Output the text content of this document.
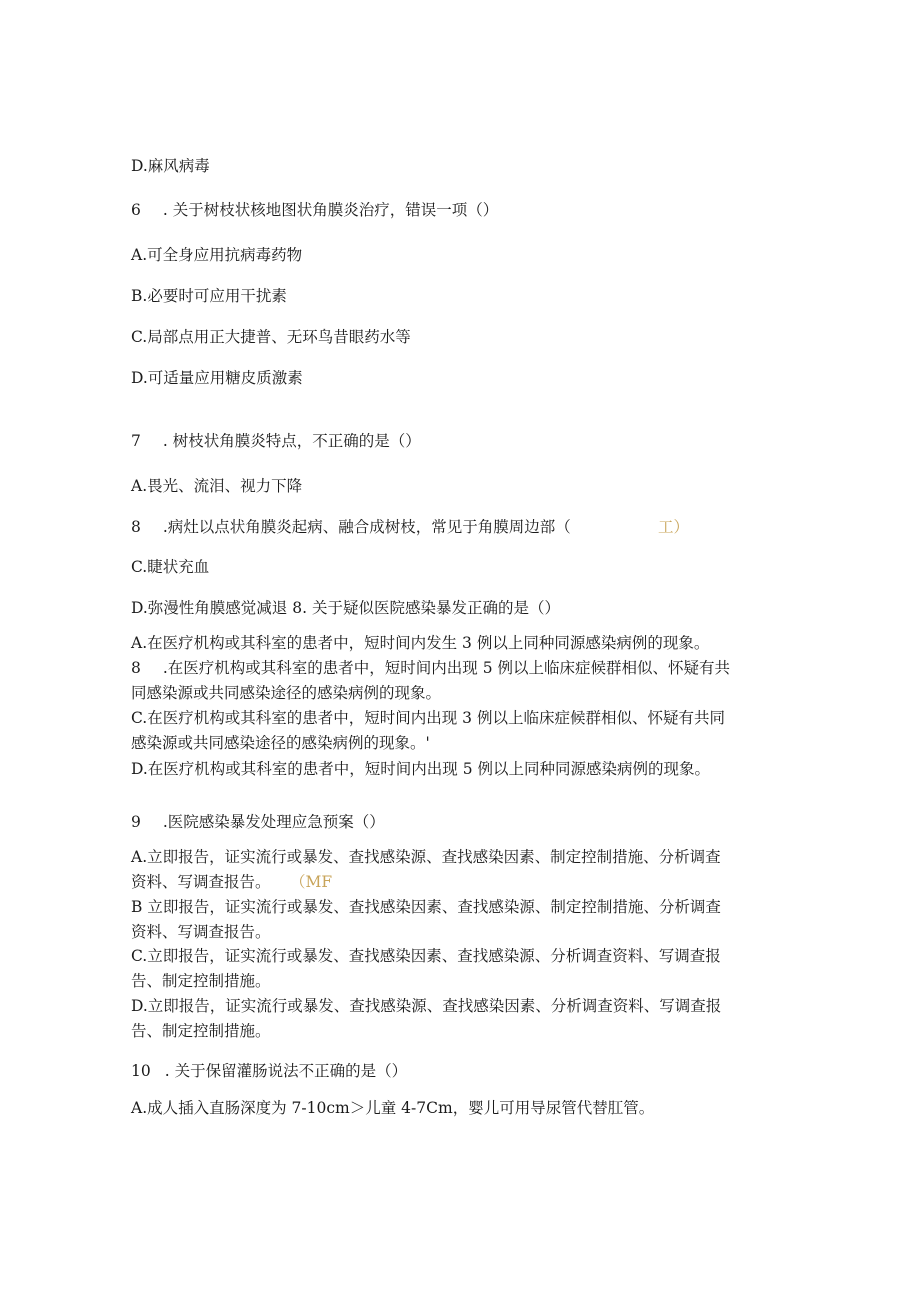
D.麻风病毒
6 . 关于树枝状核地图状角膜炎治疗，错误一项（）
A.可全身应用抗病毒药物
B.必要时可应用干扰素
C.局部点用正大捷普、无环鸟昔眼药水等
D.可适量应用糖皮质激素
7 . 树枝状角膜炎特点，不正确的是（）
A.畏光、流泪、视力下降
8 .病灶以点状角膜炎起病、融合成树枝，常见于角膜周边部（	工）
C.睫状充血
D.弥漫性角膜感觉减退 8. 关于疑似医院感染暴发正确的是（）
A.在医疗机构或其科室的患者中，短时间内发生 3 例以上同种同源感染病例的现象。
8 .在医疗机构或其科室的患者中，短时间内出现 5 例以上临床症候群相似、怀疑有共
同感染源或共同感染途径的感染病例的现象。
C.在医疗机构或其科室的患者中，短时间内出现 3 例以上临床症候群相似、怀疑有共同
感染源或共同感染途径的感染病例的现象。'
D.在医疗机构或其科室的患者中，短时间内出现 5 例以上同种同源感染病例的现象。
9 .医院感染暴发处理应急预案（）
A.立即报告，证实流行或暴发、查找感染源、查找感染因素、制定控制措施、分析调查
资料、写调查报告。 （MF
B 立即报告，证实流行或暴发、查找感染因素、查找感染源、制定控制措施、分析调查
资料、写调查报告。
C.立即报告，证实流行或暴发、查找感染因素、查找感染源、分析调查资料、写调查报
告、制定控制措施。
D.立即报告，证实流行或暴发、查找感染源、查找感染因素、分析调查资料、写调查报
告、制定控制措施。
10 . 关于保留灌肠说法不正确的是（）
A.成人插入直肠深度为 7-10cm＞儿童 4-7Cm，婴儿可用导尿管代替肛管。
